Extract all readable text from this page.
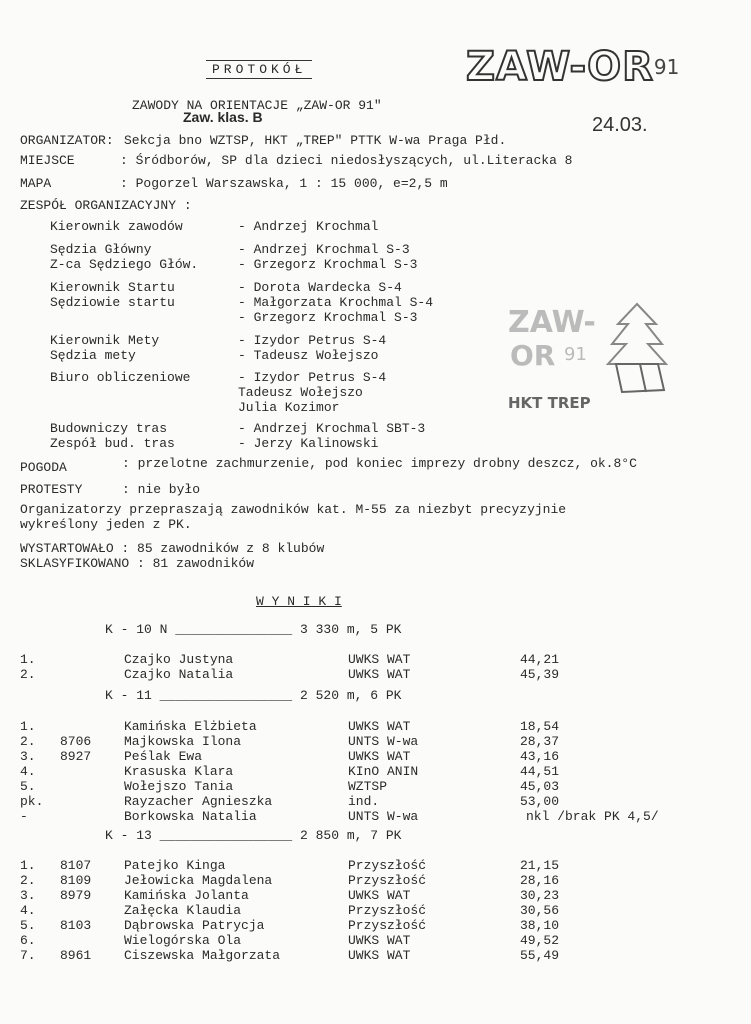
PROTOKÓŁ
ZAWODY NA ORIENTACJE „ZAW-OR 91"
Zaw. klas. B
ZAW-OR91
24.03.
ORGANIZATOR: Sekcja bno WZTSP, HKT „TREP" PTTK W-wa Praga Płd.
MIEJSCE	: Śródborów, SP dla dzieci niedosłyszących, ul.Literacka 8
MAPA	: Pogorzel Warszawska, 1 : 15 000, e=2,5 m
ZESPÓŁ ORGANIZACYJNY :
Kierownik zawodów	- Andrzej Krochmal
Sędzia Główny	- Andrzej Krochmal S-3
Z-ca Sędziego Głów.	- Grzegorz Krochmal S-3
Kierownik Startu	- Dorota Wardecka S-4
Sędziowie startu	- Małgorzata Krochmal S-4
- Grzegorz Krochmal S-3
Kierownik Mety	- Izydor Petrus S-4
Sędzia mety	- Tadeusz Wołejszo
Biuro obliczeniowe	- Izydor Petrus S-4
Tadeusz Wołejszo
Julia Kozimor
Budowniczy tras	- Andrzej Krochmal SBT-3
Zespół bud. tras	- Jerzy Kalinowski
ZAW-
OR 91
HKT TREP
POGODA	: przelotne zachmurzenie, pod koniec imprezy drobny deszcz, ok.8°C
PROTESTY	: nie było
Organizatorzy przepraszają zawodników kat. M-55 za niezbyt precyzyjnie
wykreślony jeden z PK.
WYSTARTOWAŁO : 85 zawodników z 8 klubów
SKLASYFIKOWANO : 81 zawodników
W Y N I K I
K - 10 N _______________ 3 330 m, 5 PK
1.	Czajko Justyna	UWKS WAT	44,21
2.	Czajko Natalia	UWKS WAT	45,39
K - 11 _________________ 2 520 m, 6 PK
1.	Kamińska Elżbieta	UWKS WAT	18,54
2. 8706	Majkowska Ilona	UNTS W-wa	28,37
3. 8927	Peślak Ewa	UWKS WAT	43,16
4.	Krasuska Klara	KInO ANIN	44,51
5.	Wołejszo Tania	WZTSP	45,03
pk.	Rayzacher Agnieszka	ind.	53,00
-	Borkowska Natalia	UNTS W-wa	nkl /brak PK 4,5/
K - 13 _________________ 2 850 m, 7 PK
1. 8107	Patejko Kinga	Przyszłość	21,15
2. 8109	Jełowicka Magdalena	Przyszłość	28,16
3. 8979	Kamińska Jolanta	UWKS WAT	30,23
4.	Załęcka Klaudia	Przyszłość	30,56
5. 8103	Dąbrowska Patrycja	Przyszłość	38,10
6.	Wielogórska Ola	UWKS WAT	49,52
7. 8961	Ciszewska Małgorzata	UWKS WAT	55,49
